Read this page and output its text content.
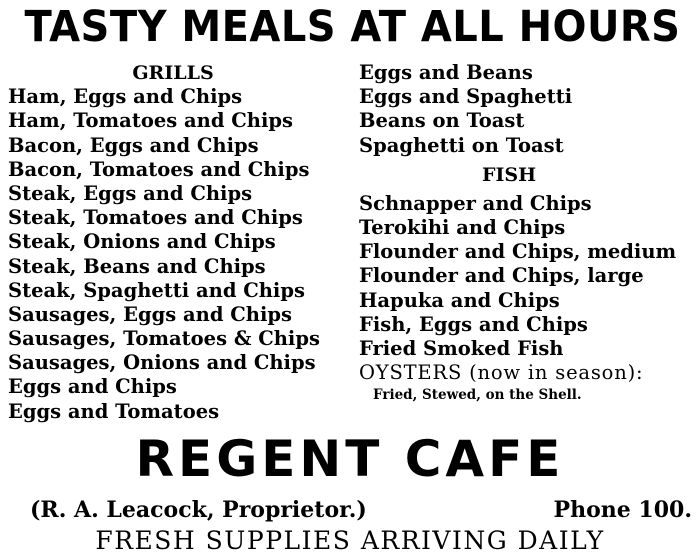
TASTY MEALS AT ALL HOURS
GRILLS
Ham, Eggs and Chips
Ham, Tomatoes and Chips
Bacon, Eggs and Chips
Bacon, Tomatoes and Chips
Steak, Eggs and Chips
Steak, Tomatoes and Chips
Steak, Onions and Chips
Steak, Beans and Chips
Steak, Spaghetti and Chips
Sausages, Eggs and Chips
Sausages, Tomatoes & Chips
Sausages, Onions and Chips
Eggs and Chips
Eggs and Tomatoes
Eggs and Beans
Eggs and Spaghetti
Beans on Toast
Spaghetti on Toast
FISH
Schnapper and Chips
Terokihi and Chips
Flounder and Chips, medium
Flounder and Chips, large
Hapuka and Chips
Fish, Eggs and Chips
Fried Smoked Fish
OYSTERS (now in season):
Fried, Stewed, on the Shell.
REGENT CAFE
(R. A. Leacock, Proprietor.)	Phone 100.
FRESH SUPPLIES ARRIVING DAILY
